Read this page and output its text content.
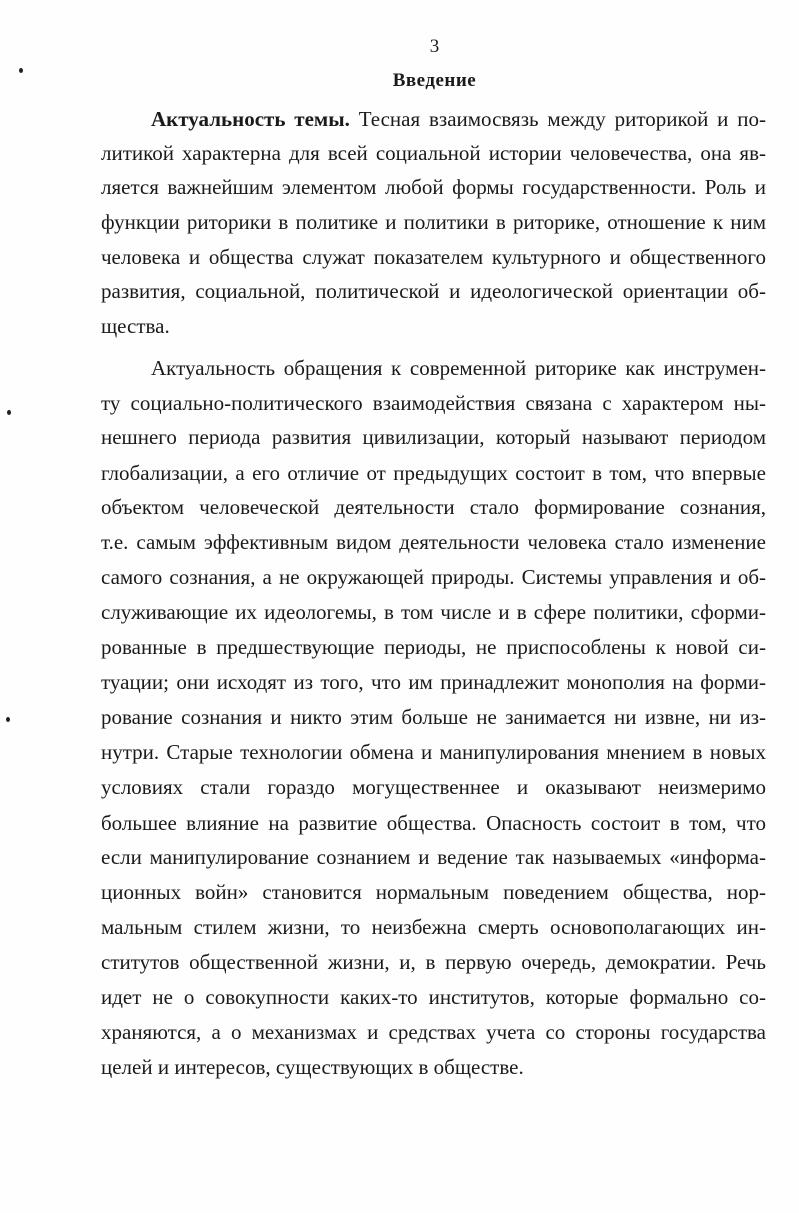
3
Введение
Актуальность темы. Тесная взаимосвязь между риторикой и по-
литикой характерна для всей социальной истории человечества, она яв-
ляется важнейшим элементом любой формы государственности. Роль и
функции риторики в политике и политики в риторике, отношение к ним
человека и общества служат показателем культурного и общественного
развития, социальной, политической и идеологической ориентации об-
щества.
Актуальность обращения к современной риторике как инструмен-
ту социально-политического взаимодействия связана с характером ны-
нешнего периода развития цивилизации, который называют периодом
глобализации, а его отличие от предыдущих состоит в том, что впервые
объектом человеческой деятельности стало формирование сознания,
т.е. самым эффективным видом деятельности человека стало изменение
самого сознания, а не окружающей природы. Системы управления и об-
служивающие их идеологемы, в том числе и в сфере политики, сформи-
рованные в предшествующие периоды, не приспособлены к новой си-
туации; они исходят из того, что им принадлежит монополия на форми-
рование сознания и никто этим больше не занимается ни извне, ни из-
нутри. Старые технологии обмена и манипулирования мнением в новых
условиях стали гораздо могущественнее и оказывают неизмеримо
большее влияние на развитие общества. Опасность состоит в том, что
если манипулирование сознанием и ведение так называемых «информа-
ционных войн» становится нормальным поведением общества, нор-
мальным стилем жизни, то неизбежна смерть основополагающих ин-
ститутов общественной жизни, и, в первую очередь, демократии. Речь
идет не о совокупности каких-то институтов, которые формально со-
храняются, а о механизмах и средствах учета со стороны государства
целей и интересов, существующих в обществе.
